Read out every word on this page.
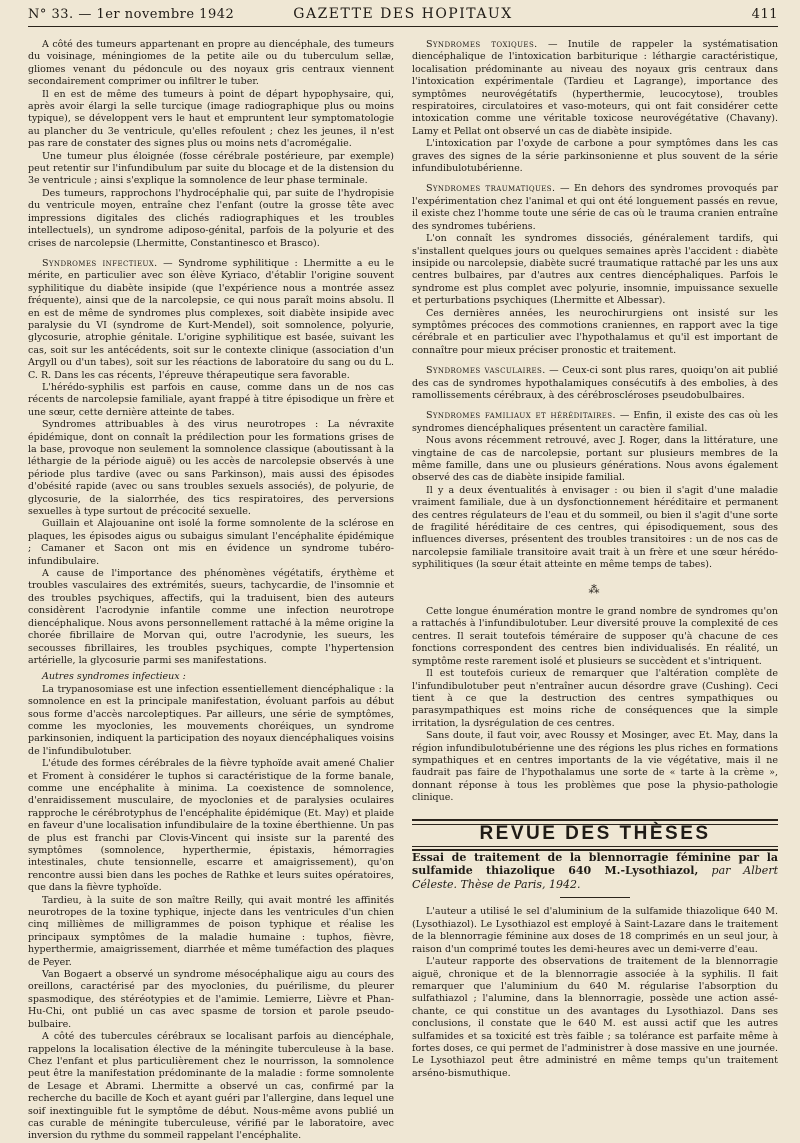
N° 33. — 1er novembre 1942	GAZETTE DES HOPITAUX	411

A côté des tumeurs appartenant en propre au diencéphale, des tumeurs du voisinage, méningiomes de la petite aile ou du tuberculum sellæ, gliomes venant du pédoncule ou des noyaux gris centraux viennent secondairement comprimer ou infiltrer le tuber.

Il en est de même des tumeurs à point de départ hypophysaire, qui, après avoir élargi la selle turcique (image radiographique plus ou moins typique), se développent vers le haut et empruntent leur symptomatologie au plancher du 3e ventricule, qu'elles refoulent ; chez les jeunes, il n'est pas rare de constater des signes plus ou moins nets d'acromégalie.

Une tumeur plus éloignée (fosse cérébrale postérieure, par exemple) peut retentir sur l'infundibulum par suite du blocage et de la distension du 3e ventricule ; ainsi s'explique la somnolence de leur phase terminale.

Des tumeurs, rapprochons l'hydrocéphalie qui, par suite de l'hydropisie du ventricule moyen, entraîne chez l'enfant (outre la grosse tête avec impressions digitales des clichés radiographiques et les troubles intellectuels), un syndrome adiposo-génital, parfois de la polyurie et des crises de narcolepsie (Lhermitte, Constantinesco et Brasco).

Syndromes infectieux. — Syndrome syphilitique : Lhermitte a eu le mérite, en particulier avec son élève Kyriaco, d'établir l'origine souvent syphilitique du diabète insipide (que l'expérience nous a montrée assez fréquente), ainsi que de la narcolepsie, ce qui nous paraît moins absolu. Il en est de même de syndromes plus complexes, soit diabète insipide avec paralysie du VI (syndrome de Kurt-Mendel), soit somnolence, polyurie, glycosurie, atrophie génitale. L'origine syphilitique est basée, suivant les cas, soit sur les antécédents, soit sur le contexte clinique (association d'un Argyll ou d'un tabes), soit sur les réactions de laboratoire du sang ou du L. C. R. Dans les cas récents, l'épreuve thérapeutique sera favorable.

L'hérédo-syphilis est parfois en cause, comme dans un de nos cas récents de narcolepsie familiale, ayant frappé à titre épisodique un frère et une sœur, cette dernière atteinte de tabes.

Syndromes attribuables à des virus neurotropes : La névraxite épidémique, dont on connaît la prédilection pour les formations grises de la base, provoque non seulement la somnolence classique (aboutissant à la léthargie de la période aiguë) ou les accès de narcolepsie observés à une période plus tardive (avec ou sans Parkinson), mais aussi des épisodes d'obésité rapide (avec ou sans troubles sexuels associés), de polyurie, de glycosurie, de la sialorrhée, des tics respiratoires, des perversions sexuelles à type surtout de précocité sexuelle.

Guillain et Alajouanine ont isolé la forme somnolente de la sclérose en plaques, les épisodes aigus ou subaigus simulant l'encéphalite épidémique ; Camaner et Sacon ont mis en évidence un syndrome tubéro-infundibulaire.

A cause de l'importance des phénomènes végétatifs, érythème et troubles vasculaires des extrémités, sueurs, tachycardie, de l'insomnie et des troubles psychiques, affectifs, qui la traduisent, bien des auteurs considèrent l'acrodynie infantile comme une infection neurotrope diencéphalique. Nous avons personnellement rattaché à la même origine la chorée fibrillaire de Morvan qui, outre l'acrodynie, les sueurs, les secousses fibrillaires, les troubles psychiques, compte l'hypertension artérielle, la glycosurie parmi ses manifestations.

Autres syndromes infectieux :

La trypanosomiase est une infection essentiellement diencéphalique : la somnolence en est la principale manifestation, évoluant parfois au début sous forme d'accès narcoleptiques. Par ailleurs, une série de symptômes, comme les myoclonies, les mouvements choréiques, un syndrome parkinsonien, indiquent la participation des noyaux diencéphaliques voisins de l'infundibulotuber.

L'étude des formes cérébrales de la fièvre typhoïde avait amené Chalier et Froment à considérer le tuphos si caractéristique de la forme banale, comme une encéphalite à minima. La coexistence de somnolence, d'enraidissement musculaire, de myoclonies et de paralysies oculaires rapproche le cérébrotyphus de l'encéphalite épidémique (Et. May) et plaide en faveur d'une localisation infundibulaire de la toxine éberthienne. Un pas de plus est franchi par Clovis-Vincent qui insiste sur la parenté des symptômes (somnolence, hyperthermie, épistaxis, hémorragies intestinales, chute tensionnelle, escarre et amaigrissement), qu'on rencontre aussi bien dans les poches de Rathke et leurs suites opératoires, que dans la fièvre typhoïde.

Tardieu, à la suite de son maître Reilly, qui avait montré les affinités neurotropes de la toxine typhique, injecte dans les ventricules d'un chien cinq millièmes de milligrammes de poison typhique et réalise les principaux symptômes de la maladie humaine : tuphos, fièvre, hyperthermie, amaigrissement, diarrhée et même tuméfaction des plaques de Peyer.

Van Bogaert a observé un syndrome mésocéphalique aigu au cours des oreillons, caractérisé par des myoclonies, du puérilisme, du pleurer spasmodique, des stéréotypies et de l'amimie. Lemierre, Lièvre et Phan-Hu-Chi, ont publié un cas avec spasme de torsion et parole pseudo-bulbaire.

A côté des tubercules cérébraux se localisant parfois au diencéphale, rappelons la localisation élective de la méningite tuberculeuse à la base. Chez l'enfant et plus particulièrement chez le nourrisson, la somnolence peut être la manifestation prédominante de la maladie : forme somnolente de Lesage et Abrami. Lhermitte a observé un cas, confirmé par la recherche du bacille de Koch et ayant guéri par l'allergine, dans lequel une soif inextinguible fut le symptôme de début. Nous-même avons publié un cas curable de méningite tuberculeuse, vérifié par le laboratoire, avec inversion du rythme du sommeil rappelant l'encéphalite.

Syndromes toxiques. — Inutile de rappeler la systématisation diencéphalique de l'intoxication barbiturique : léthargie caractéristique, localisation prédominante au niveau des noyaux gris centraux dans l'intoxication expérimentale (Tardieu et Lagrange), importance des symptômes neurovégétatifs (hyperthermie, leucocytose), troubles respiratoires, circulatoires et vaso-moteurs, qui ont fait considérer cette intoxication comme une véritable toxicose neurovégétative (Chavany). Lamy et Pellat ont observé un cas de diabète insipide.

L'intoxication par l'oxyde de carbone a pour symptômes dans les cas graves des signes de la série parkinsonienne et plus souvent de la série infundibulotubérienne.

Syndromes traumatiques. — En dehors des syndromes provoqués par l'expérimentation chez l'animal et qui ont été longuement passés en revue, il existe chez l'homme toute une série de cas où le trauma cranien entraîne des syndromes tubériens.

L'on connaît les syndromes dissociés, généralement tardifs, qui s'installent quelques jours ou quelques semaines après l'accident : diabète insipide ou narcolepsie, diabète sucré traumatique rattaché par les uns aux centres bulbaires, par d'autres aux centres diencéphaliques. Parfois le syndrome est plus complet avec polyurie, insomnie, impuissance sexuelle et perturbations psychiques (Lhermitte et Albessar).

Ces dernières années, les neurochirurgiens ont insisté sur les symptômes précoces des commotions craniennes, en rapport avec la tige cérébrale et en particulier avec l'hypothalamus et qu'il est important de connaître pour mieux préciser pronostic et traitement.

Syndromes vasculaires. — Ceux-ci sont plus rares, quoiqu'on ait publié des cas de syndromes hypothalamiques consécutifs à des embolies, à des ramollissements cérébraux, à des cérébroscléroses pseudobulbaires.

Syndromes familiaux et héréditaires. — Enfin, il existe des cas où les syndromes diencéphaliques présentent un caractère familial.

Nous avons récemment retrouvé, avec J. Roger, dans la littérature, une vingtaine de cas de narcolepsie, portant sur plusieurs membres de la même famille, dans une ou plusieurs générations. Nous avons également observé des cas de diabète insipide familial.

Il y a deux éventualités à envisager : ou bien il s'agit d'une maladie vraiment familiale, due à un dysfonctionnement héréditaire et permanent des centres régulateurs de l'eau et du sommeil, ou bien il s'agit d'une sorte de fragilité héréditaire de ces centres, qui épisodiquement, sous des influences diverses, présentent des troubles transitoires : un de nos cas de narcolepsie familiale transitoire avait trait à un frère et une sœur hérédo-syphilitiques (la sœur était atteinte en même temps de tabes).

⁂

Cette longue énumération montre le grand nombre de syndromes qu'on a rattachés à l'infundibulotuber. Leur diversité prouve la complexité de ces centres. Il serait toutefois téméraire de supposer qu'à chacune de ces fonctions correspondent des centres bien individualisés. En réalité, un symptôme reste rarement isolé et plusieurs se succèdent et s'intriquent.

Il est toutefois curieux de remarquer que l'altération complète de l'infundibulotuber peut n'entraîner aucun désordre grave (Cushing). Ceci tient à ce que la destruction des centres sympathiques ou parasympathiques est moins riche de conséquences que la simple irritation, la dysrégulation de ces centres.

Sans doute, il faut voir, avec Roussy et Mosinger, avec Et. May, dans la région infundibulotubérienne une des régions les plus riches en formations sympathiques et en centres importants de la vie végétative, mais il ne faudrait pas faire de l'hypothalamus une sorte de « tarte à la crème », donnant réponse à tous les problèmes que pose la physio-pathologie clinique.

REVUE DES THÈSES

Essai de traitement de la blennorragie féminine par la sulfamide thiazolique 640 M.-Lysothiazol, par Albert Céleste. Thèse de Paris, 1942.

L'auteur a utilisé le sel d'aluminium de la sulfamide thiazolique 640 M. (Lysothiazol). Le Lysothiazol est employé à Saint-Lazare dans le traitement de la blennorragie féminine aux doses de 18 comprimés en un seul jour, à raison d'un comprimé toutes les demi-heures avec un demi-verre d'eau.

L'auteur rapporte des observations de traitement de la blennorragie aiguë, chronique et de la blennorragie associée à la syphilis. Il fait remarquer que l'aluminium du 640 M. régularise l'absorption du sulfathiazol ; l'alumine, dans la blennorragie, possède une action assé-chante, ce qui constitue un des avantages du Lysothiazol. Dans ses conclusions, il constate que le 640 M. est aussi actif que les autres sulfamides et sa toxicité est très faible ; sa tolérance est parfaite même à fortes doses, ce qui permet de l'administrer à dose massive en une journée. Le Lysothiazol peut être administré en même temps qu'un traitement arséno-bismuthique.
